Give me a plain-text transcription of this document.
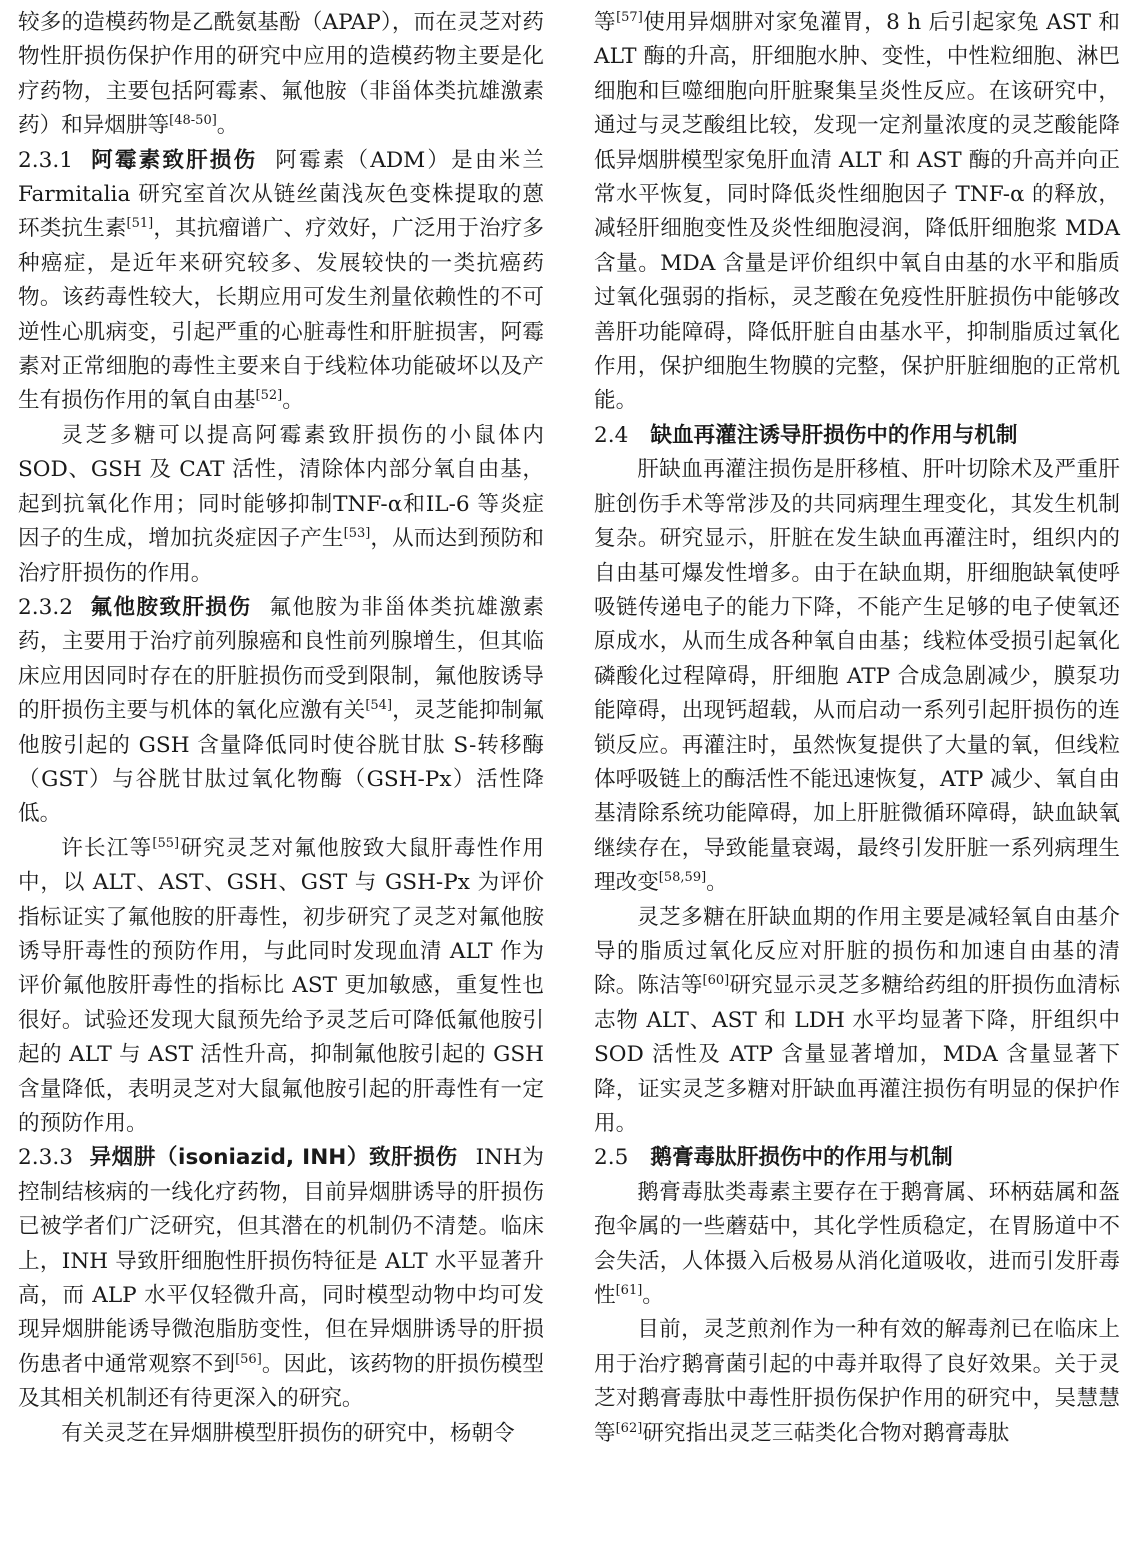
较多的造模药物是乙酰氨基酚（APAP），而在灵芝对药物性肝损伤保护作用的研究中应用的造模药物主要是化疗药物，主要包括阿霉素、氟他胺（非甾体类抗雄激素药）和异烟肼等[48-50]。

2.3.1 阿霉素致肝损伤 阿霉素（ADM）是由米兰Farmitalia 研究室首次从链丝菌浅灰色变株提取的蒽环类抗生素[51]，其抗瘤谱广、疗效好，广泛用于治疗多种癌症，是近年来研究较多、发展较快的一类抗癌药物。该药毒性较大，长期应用可发生剂量依赖性的不可逆性心肌病变，引起严重的心脏毒性和肝脏损害，阿霉素对正常细胞的毒性主要来自于线粒体功能破坏以及产生有损伤作用的氧自由基[52]。

灵芝多糖可以提高阿霉素致肝损伤的小鼠体内SOD、GSH 及 CAT 活性，清除体内部分氧自由基，起到抗氧化作用；同时能够抑制TNF-α和IL-6 等炎症因子的生成，增加抗炎症因子产生[53]，从而达到预防和治疗肝损伤的作用。

2.3.2 氟他胺致肝损伤 氟他胺为非甾体类抗雄激素药，主要用于治疗前列腺癌和良性前列腺增生，但其临床应用因同时存在的肝脏损伤而受到限制，氟他胺诱导的肝损伤主要与机体的氧化应激有关[54]，灵芝能抑制氟他胺引起的 GSH 含量降低同时使谷胱甘肽 S-转移酶（GST）与谷胱甘肽过氧化物酶（GSH-Px）活性降低。

许长江等[55]研究灵芝对氟他胺致大鼠肝毒性作用中，以 ALT、AST、GSH、GST 与 GSH-Px 为评价指标证实了氟他胺的肝毒性，初步研究了灵芝对氟他胺诱导肝毒性的预防作用，与此同时发现血清 ALT 作为评价氟他胺肝毒性的指标比 AST 更加敏感，重复性也很好。试验还发现大鼠预先给予灵芝后可降低氟他胺引起的 ALT 与 AST 活性升高，抑制氟他胺引起的 GSH 含量降低，表明灵芝对大鼠氟他胺引起的肝毒性有一定的预防作用。

2.3.3 异烟肼（isoniazid, INH）致肝损伤 INH为控制结核病的一线化疗药物，目前异烟肼诱导的肝损伤已被学者们广泛研究，但其潜在的机制仍不清楚。临床上，INH 导致肝细胞性肝损伤特征是 ALT 水平显著升高，而 ALP 水平仅轻微升高，同时模型动物中均可发现异烟肼能诱导微泡脂肪变性，但在异烟肼诱导的肝损伤患者中通常观察不到[56]。因此，该药物的肝损伤模型及其相关机制还有待更深入的研究。

有关灵芝在异烟肼模型肝损伤的研究中，杨朝令

等[57]使用异烟肼对家兔灌胃，8 h 后引起家兔 AST 和 ALT 酶的升高，肝细胞水肿、变性，中性粒细胞、淋巴细胞和巨噬细胞向肝脏聚集呈炎性反应。在该研究中，通过与灵芝酸组比较，发现一定剂量浓度的灵芝酸能降低异烟肼模型家兔肝血清 ALT 和 AST 酶的升高并向正常水平恢复，同时降低炎性细胞因子 TNF-α 的释放，减轻肝细胞变性及炎性细胞浸润，降低肝细胞浆 MDA 含量。MDA 含量是评价组织中氧自由基的水平和脂质过氧化强弱的指标，灵芝酸在免疫性肝脏损伤中能够改善肝功能障碍，降低肝脏自由基水平，抑制脂质过氧化作用，保护细胞生物膜的完整，保护肝脏细胞的正常机能。

2.4 缺血再灌注诱导肝损伤中的作用与机制

肝缺血再灌注损伤是肝移植、肝叶切除术及严重肝脏创伤手术等常涉及的共同病理生理变化，其发生机制复杂。研究显示，肝脏在发生缺血再灌注时，组织内的自由基可爆发性增多。由于在缺血期，肝细胞缺氧使呼吸链传递电子的能力下降，不能产生足够的电子使氧还原成水，从而生成各种氧自由基；线粒体受损引起氧化磷酸化过程障碍，肝细胞 ATP 合成急剧减少，膜泵功能障碍，出现钙超载，从而启动一系列引起肝损伤的连锁反应。再灌注时，虽然恢复提供了大量的氧，但线粒体呼吸链上的酶活性不能迅速恢复，ATP 减少、氧自由基清除系统功能障碍，加上肝脏微循环障碍，缺血缺氧继续存在，导致能量衰竭，最终引发肝脏一系列病理生理改变[58,59]。

灵芝多糖在肝缺血期的作用主要是减轻氧自由基介导的脂质过氧化反应对肝脏的损伤和加速自由基的清除。陈洁等[60]研究显示灵芝多糖给药组的肝损伤血清标志物 ALT、AST 和 LDH 水平均显著下降，肝组织中 SOD 活性及 ATP 含量显著增加，MDA 含量显著下降，证实灵芝多糖对肝缺血再灌注损伤有明显的保护作用。

2.5 鹅膏毒肽肝损伤中的作用与机制

鹅膏毒肽类毒素主要存在于鹅膏属、环柄菇属和盔孢伞属的一些蘑菇中，其化学性质稳定，在胃肠道中不会失活，人体摄入后极易从消化道吸收，进而引发肝毒性[61]。

目前，灵芝煎剂作为一种有效的解毒剂已在临床上用于治疗鹅膏菌引起的中毒并取得了良好效果。关于灵芝对鹅膏毒肽中毒性肝损伤保护作用的研究中，吴慧慧等[62]研究指出灵芝三萜类化合物对鹅膏毒肽
